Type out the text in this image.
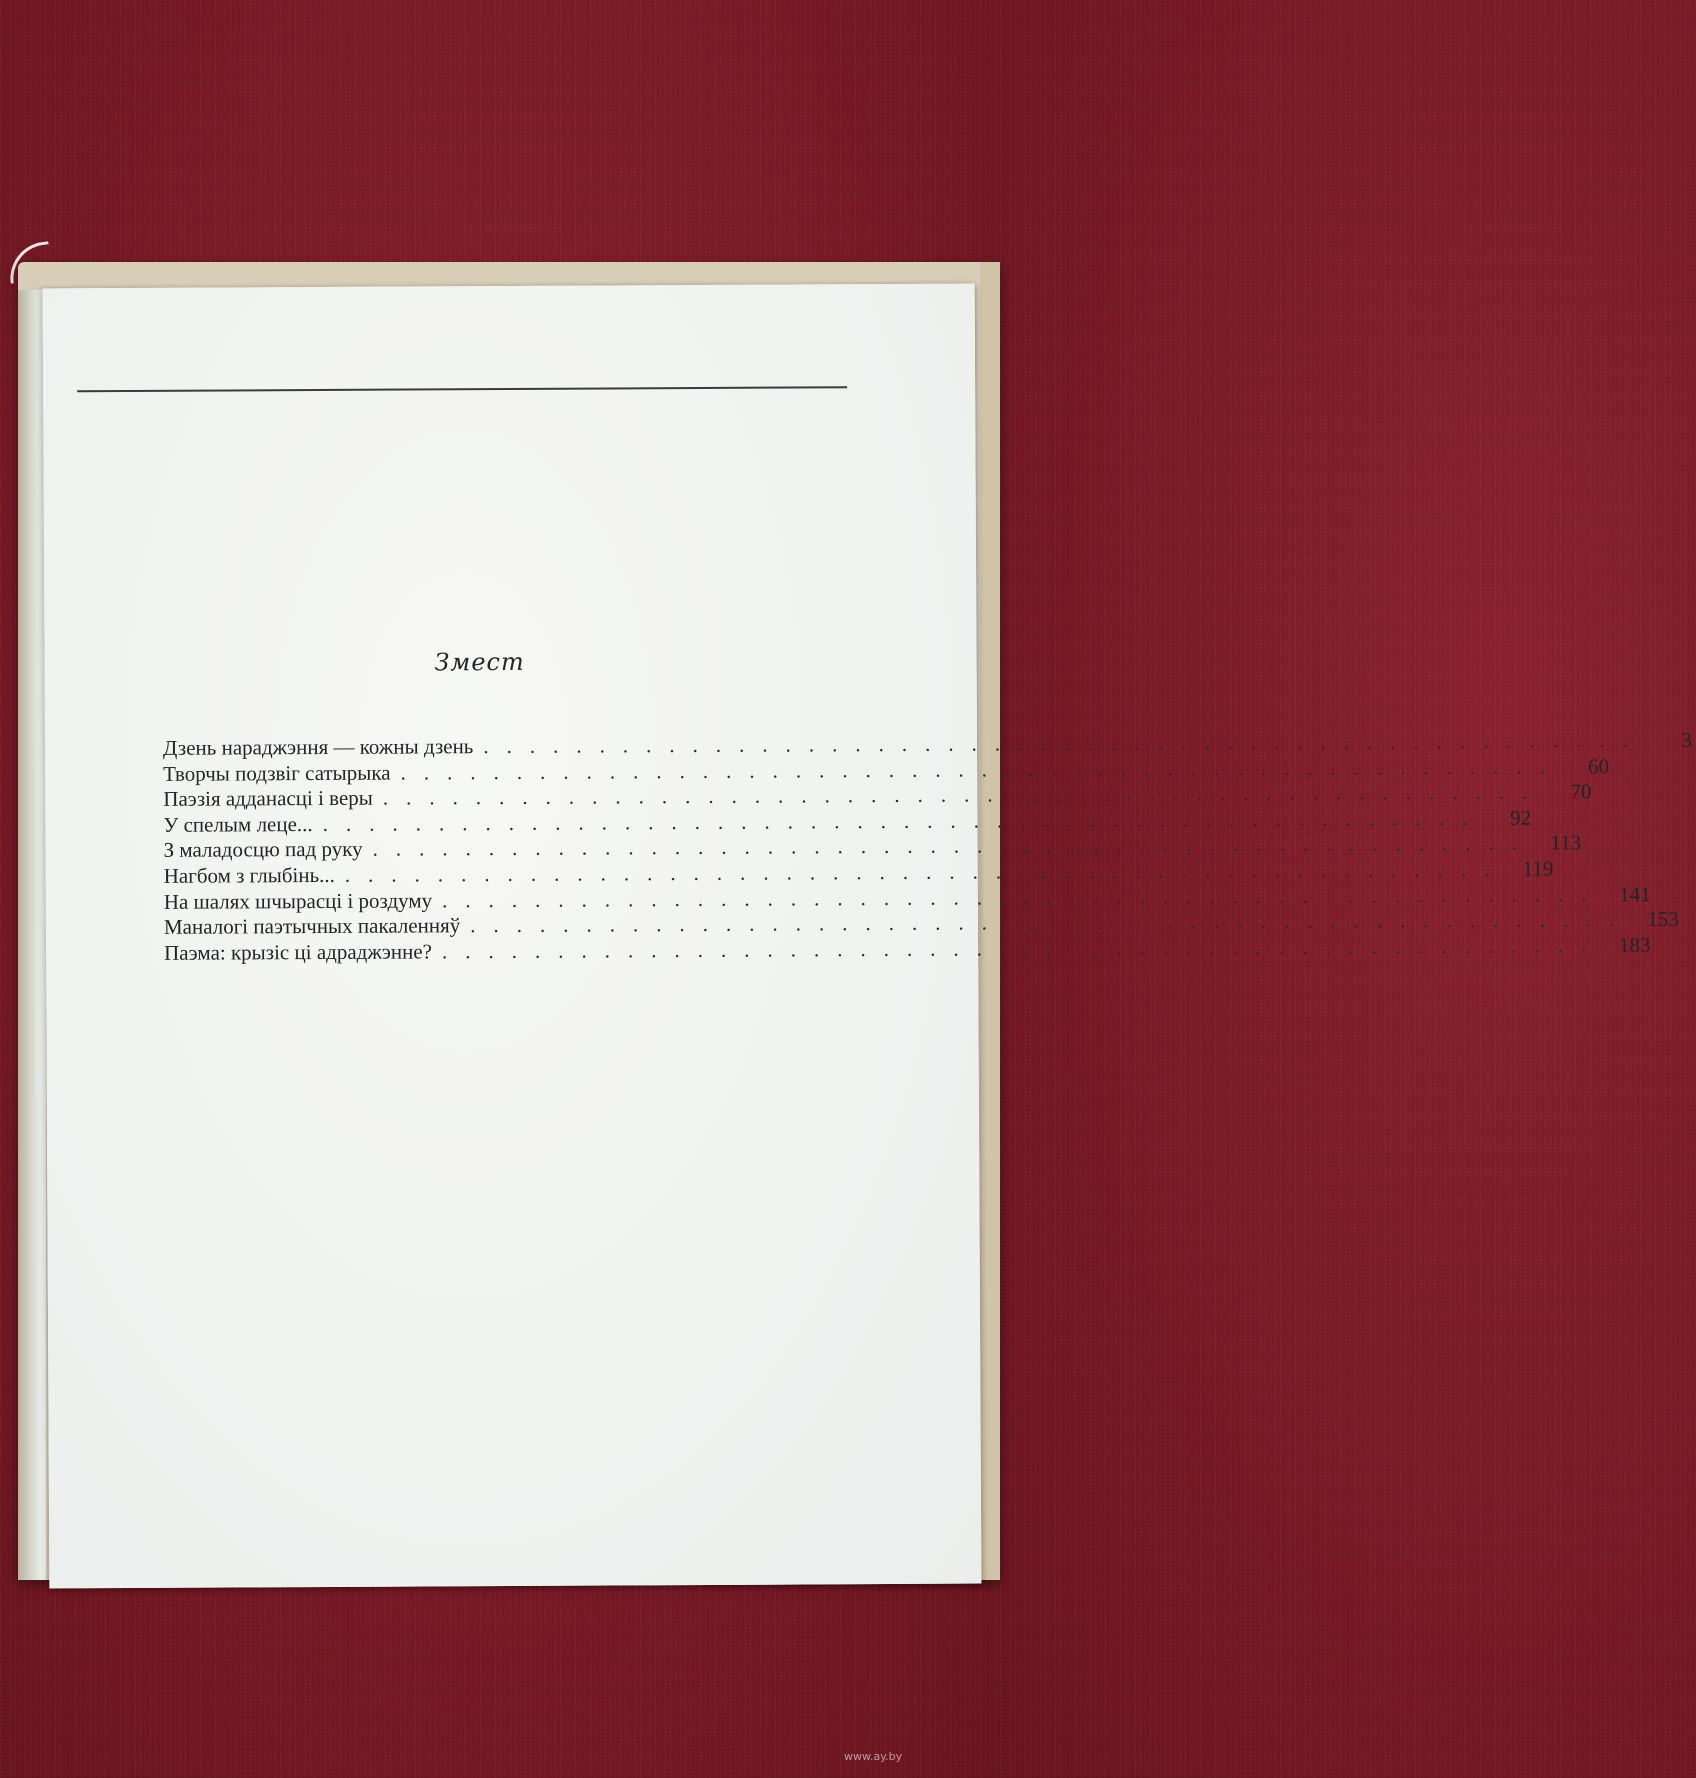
Змест
Дзень нараджэння — кожны дзень ..................................................	3
Творчы подзвіг сатырыка ..................................................	60
Паэзія адданасці і веры ..................................................	70
У спелым лецe... ..................................................	92
З маладосцю пад руку .................................................. 113
Нагбом з глыбінь... .................................................. 119
На шалях шчырасці і роздуму .................................................. 141
Маналогі паэтычных пакаленняў .................................................. 153
Паэма: крызіс ці адраджэнне? .................................................. 183
www.ay.by
